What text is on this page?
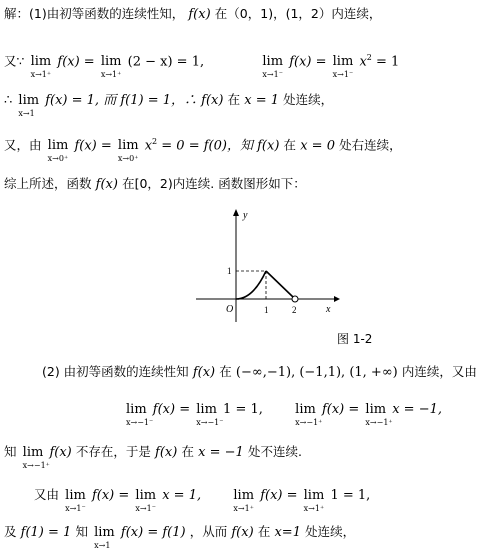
解：(1)由初等函数的连续性知， f(x) 在（0，1)，(1，2）内连续，
又∵ lim
x→1⁺
f(x) = lim
x→1⁺
(2 − x) = 1,	lim
x→1⁻
f(x) = lim
x→1⁻
$x^2 = 1$
∴ lim
x→1
f(x) = 1, 而 f(1) = 1，∴ f(x) 在 x = 1 处连续，
又，由 lim
x→0⁺
f(x) = lim
x→0⁺
$x^2 = 0 = f(0)$，知 f(x) 在 x = 0 处右连续，
综上所述，函数 f(x) 在[0，2)内连续. 函数图形如下：
y
x
O	1	2
1
图 1-2
(2) 由初等函数的连续性知 f(x) 在 (−∞,−1), (−1,1), (1, +∞) 内连续，又由
lim
x→−1⁻
f(x) = lim
x→−1⁻
1 = 1, lim
x→−1⁺
f(x) = lim
x→−1⁺
x = −1,
知 lim
x→−1⁺
f(x) 不存在，于是 f(x) 在 x = −1 处不连续.
又由 lim
x→1⁻
f(x) = lim
x→1⁻
x = 1, lim
x→1⁺
f(x) = lim
x→1⁺
1 = 1,
及 f(1) = 1 知 lim
x→1
f(x) = f(1) ，从而 f(x) 在 x=1 处连续，
